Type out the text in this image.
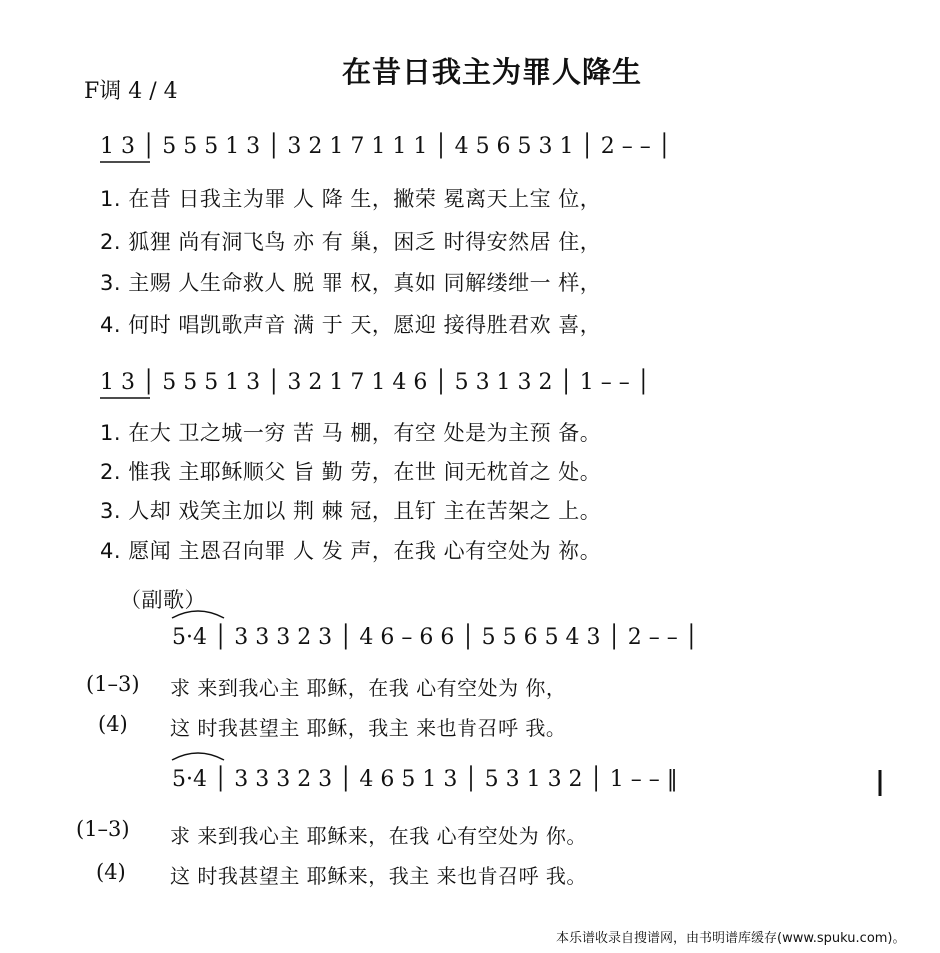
在昔日我主为罪人降生
F调 4 / 4
1 3 │ 5 5 5 1 3 │ 3 2 1 7 1 1 1 │ 4 5 6 5 3 1 │ 2 – – │
1. 在昔 日我主为罪 人 降 生，撇荣 冕离天上宝 位，
2. 狐狸 尚有洞飞鸟 亦 有 巢，困乏 时得安然居 住，
3. 主赐 人生命救人 脱 罪 权，真如 同解缕绁一 样，
4. 何时 唱凯歌声音 满 于 天，愿迎 接得胜君欢 喜，
1 3 │ 5 5 5 1 3 │ 3 2 1 7 1 4 6 │ 5 3 1 3 2 │ 1 – – │
1. 在大 卫之城一穷 苦 马 棚，有空 处是为主预 备。
2. 惟我 主耶稣顺父 旨 勤 劳，在世 间无枕首之 处。
3. 人却 戏笑主加以 荆 棘 冠，且钉 主在苦架之 上。
4. 愿闻 主恩召向罪 人 发 声，在我 心有空处为 祢。
（副歌）
5·4 │ 3 3 3 2 3 │ 4 6 – 6 6 │ 5 5 6 5 4 3 │ 2 – – │
(1–3) 求 来到我心主 耶稣，在我 心有空处为 你，
(4) 这 时我甚望主 耶稣，我主 来也肯召呼 我。
5·4 │ 3 3 3 2 3 │ 4 6 5 1 3 │ 5 3 1 3 2 │ 1 – – ‖
(1–3) 求 来到我心主 耶稣来，在我 心有空处为 你。
(4) 这 时我甚望主 耶稣来，我主 来也肯召呼 我。
本乐谱收录自搜谱网，由书明谱库缓存(www.spuku.com)。
